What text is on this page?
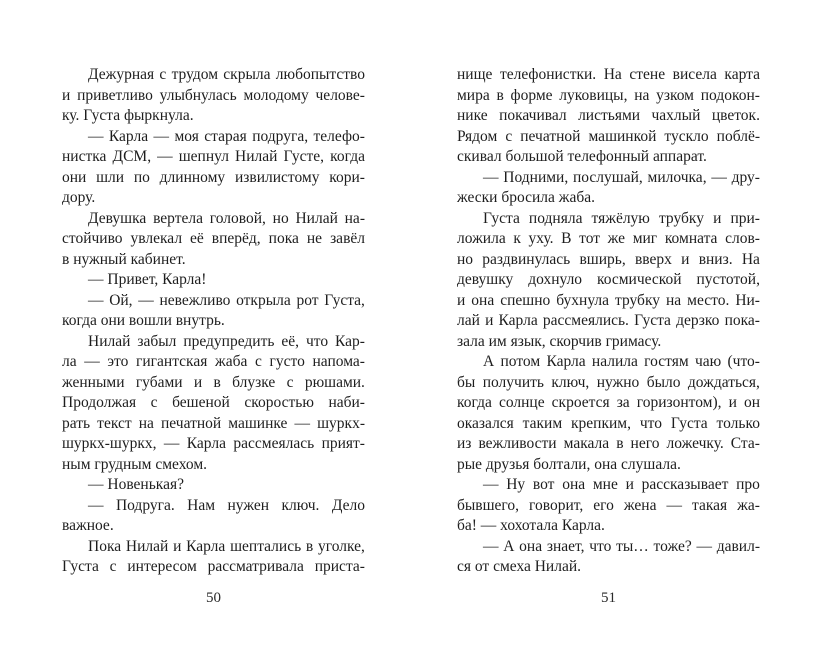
Дежурная с трудом скрыла любопытство
и приветливо улыбнулась молодому челове-
ку. Густа фыркнула.
— Карла — моя старая подруга, телефо-
нистка ДСМ, — шепнул Нилай Густе, когда
они шли по длинному извилистому кори-
дору.
Девушка вертела головой, но Нилай на-
стойчиво увлекал её вперёд, пока не завёл
в нужный кабинет.
— Привет, Карла!
— Ой, — невежливо открыла рот Густа,
когда они вошли внутрь.
Нилай забыл предупредить её, что Кар-
ла — это гигантская жаба с густо напома-
женными губами и в блузке с рюшами.
Продолжая с бешеной скоростью наби-
рать текст на печатной машинке — шуркх-
шуркх-шуркх, — Карла рассмеялась прият-
ным грудным смехом.
— Новенькая?
— Подруга. Нам нужен ключ. Дело
важное.
Пока Нилай и Карла шептались в уголке,
Густа с интересом рассматривала приста-
нище телефонистки. На стене висела карта
мира в форме луковицы, на узком подокон-
нике покачивал листьями чахлый цветок.
Рядом с печатной машинкой тускло поблё-
скивал большой телефонный аппарат.
— Подними, послушай, милочка, — дру-
жески бросила жаба.
Густа подняла тяжёлую трубку и при-
ложила к уху. В тот же миг комната слов-
но раздвинулась вширь, вверх и вниз. На
девушку дохнуло космической пустотой,
и она спешно бухнула трубку на место. Ни-
лай и Карла рассмеялись. Густа дерзко пока-
зала им язык, скорчив гримасу.
А потом Карла налила гостям чаю (что-
бы получить ключ, нужно было дождаться,
когда солнце скроется за горизонтом), и он
оказался таким крепким, что Густа только
из вежливости макала в него ложечку. Ста-
рые друзья болтали, она слушала.
— Ну вот она мне и рассказывает про
бывшего, говорит, его жена — такая жа-
ба! — хохотала Карла.
— А она знает, что ты… тоже? — давил-
ся от смеха Нилай.
50	51
